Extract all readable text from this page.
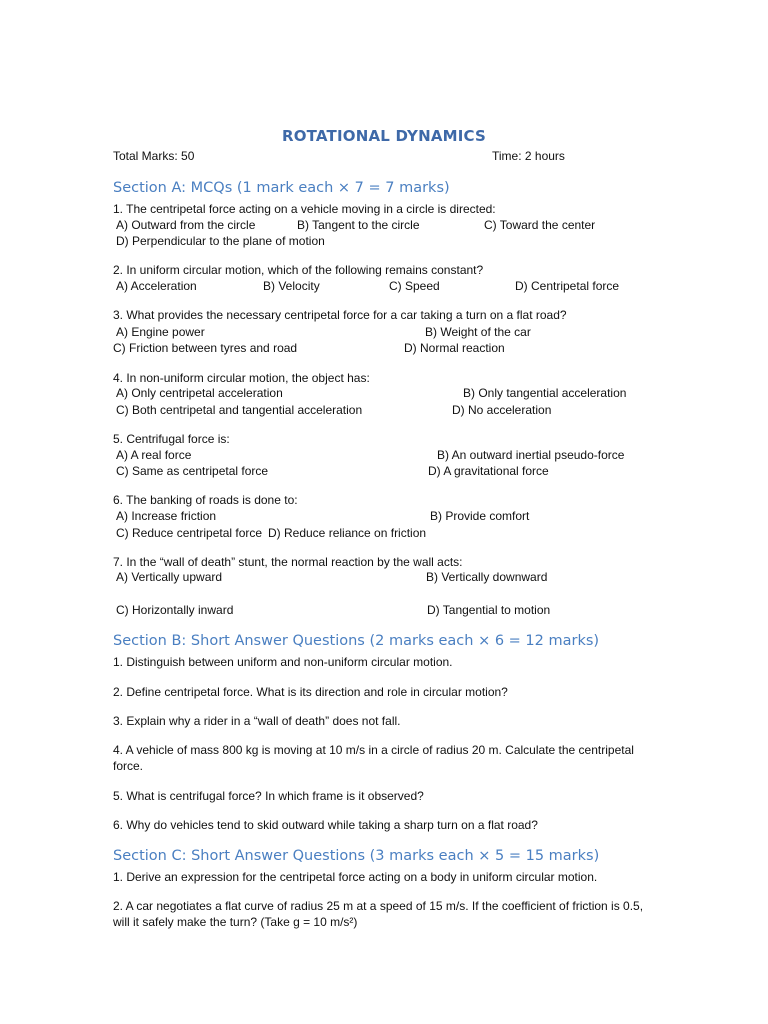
ROTATIONAL DYNAMICS
Total Marks: 50	Time: 2 hours
Section A: MCQs (1 mark each × 7 = 7 marks)
1. The centripetal force acting on a vehicle moving in a circle is directed:
A) Outward from the circle	B) Tangent to the circle	C) Toward the center
D) Perpendicular to the plane of motion
2. In uniform circular motion, which of the following remains constant?
A) Acceleration	B) Velocity	C) Speed	D) Centripetal force
3. What provides the necessary centripetal force for a car taking a turn on a flat road?
A) Engine power	B) Weight of the car
C) Friction between tyres and road	D) Normal reaction
4. In non-uniform circular motion, the object has:
A) Only centripetal acceleration	B) Only tangential acceleration
C) Both centripetal and tangential acceleration	D) No acceleration
5. Centrifugal force is:
A) A real force	B) An outward inertial pseudo-force
C) Same as centripetal force	D) A gravitational force
6. The banking of roads is done to:
A) Increase friction	B) Provide comfort
C) Reduce centripetal force D) Reduce reliance on friction
7. In the “wall of death” stunt, the normal reaction by the wall acts:
A) Vertically upward	B) Vertically downward
C) Horizontally inward	D) Tangential to motion
Section B: Short Answer Questions (2 marks each × 6 = 12 marks)
1. Distinguish between uniform and non-uniform circular motion.
2. Define centripetal force. What is its direction and role in circular motion?
3. Explain why a rider in a “wall of death” does not fall.
4. A vehicle of mass 800 kg is moving at 10 m/s in a circle of radius 20 m. Calculate the centripetal
force.
5. What is centrifugal force? In which frame is it observed?
6. Why do vehicles tend to skid outward while taking a sharp turn on a flat road?
Section C: Short Answer Questions (3 marks each × 5 = 15 marks)
1. Derive an expression for the centripetal force acting on a body in uniform circular motion.
2. A car negotiates a flat curve of radius 25 m at a speed of 15 m/s. If the coefficient of friction is 0.5,
will it safely make the turn? (Take g = 10 m/s²)
